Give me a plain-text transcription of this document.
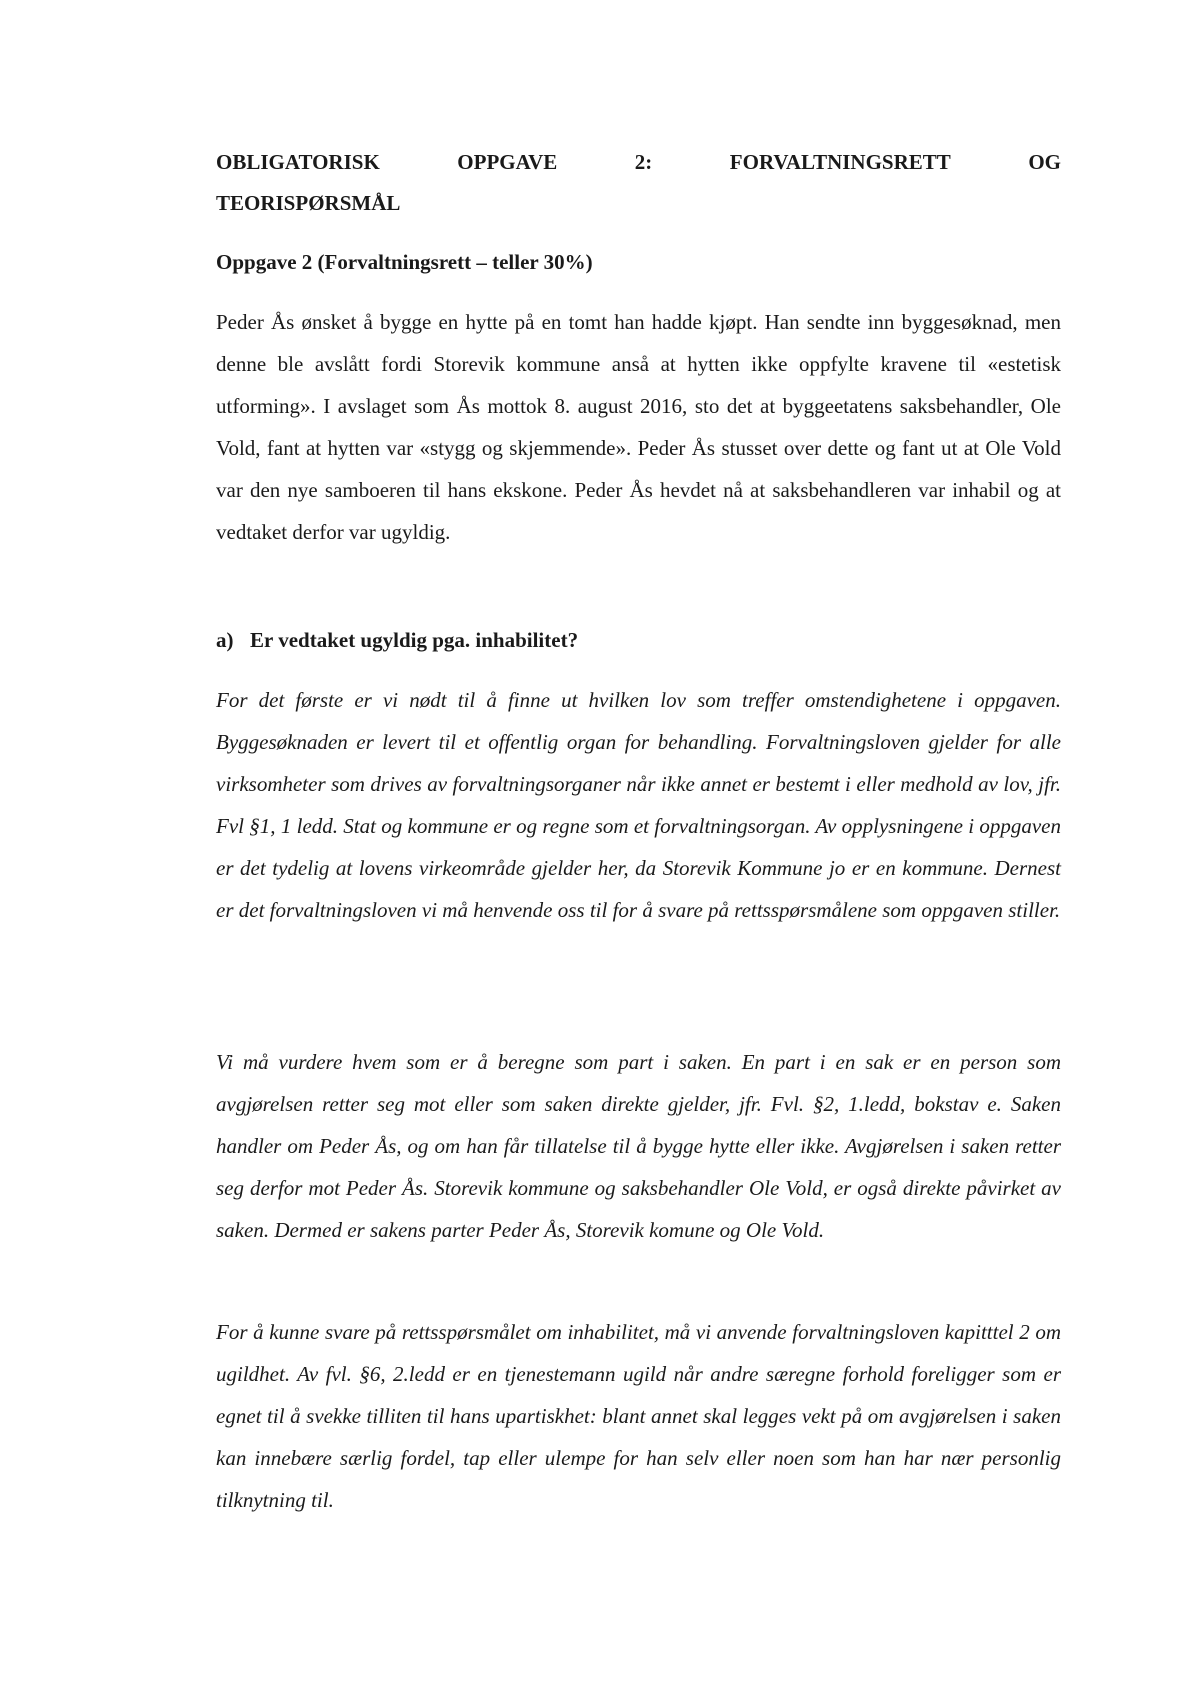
OBLIGATORISK	OPPGAVE	2:	FORVALTNINGSRETT	OG
TEORISPØRSMÅL

Oppgave 2 (Forvaltningsrett – teller 30%)

Peder Ås ønsket å bygge en hytte på en tomt han hadde kjøpt. Han sendte inn byggesøknad, men denne ble avslått fordi Storevik kommune anså at hytten ikke oppfylte kravene til «estetisk utforming». I avslaget som Ås mottok 8. august 2016, sto det at byggeetatens saksbehandler, Ole Vold, fant at hytten var «stygg og skjemmende». Peder Ås stusset over dette og fant ut at Ole Vold var den nye samboeren til hans ekskone. Peder Ås hevdet nå at saksbehandleren var inhabil og at vedtaket derfor var ugyldig.

a) Er vedtaket ugyldig pga. inhabilitet?

For det første er vi nødt til å finne ut hvilken lov som treffer omstendighetene i oppgaven. Byggesøknaden er levert til et offentlig organ for behandling. Forvaltningsloven gjelder for alle virksomheter som drives av forvaltningsorganer når ikke annet er bestemt i eller medhold av lov, jfr. Fvl §1, 1 ledd. Stat og kommune er og regne som et forvaltningsorgan. Av opplysningene i oppgaven er det tydelig at lovens virkeområde gjelder her, da Storevik Kommune jo er en kommune. Dernest er det forvaltningsloven vi må henvende oss til for å svare på rettsspørsmålene som oppgaven stiller.

Vi må vurdere hvem som er å beregne som part i saken. En part i en sak er en person som avgjørelsen retter seg mot eller som saken direkte gjelder, jfr. Fvl. §2, 1.ledd, bokstav e. Saken handler om Peder Ås, og om han får tillatelse til å bygge hytte eller ikke. Avgjørelsen i saken retter seg derfor mot Peder Ås. Storevik kommune og saksbehandler Ole Vold, er også direkte påvirket av saken. Dermed er sakens parter Peder Ås, Storevik komune og Ole Vold.

For å kunne svare på rettsspørsmålet om inhabilitet, må vi anvende forvaltningsloven kapitttel 2 om ugildhet. Av fvl. §6, 2.ledd er en tjenestemann ugild når andre særegne forhold foreligger som er egnet til å svekke tilliten til hans upartiskhet: blant annet skal legges vekt på om avgjørelsen i saken kan innebære særlig fordel, tap eller ulempe for han selv eller noen som han har nær personlig tilknytning til.
